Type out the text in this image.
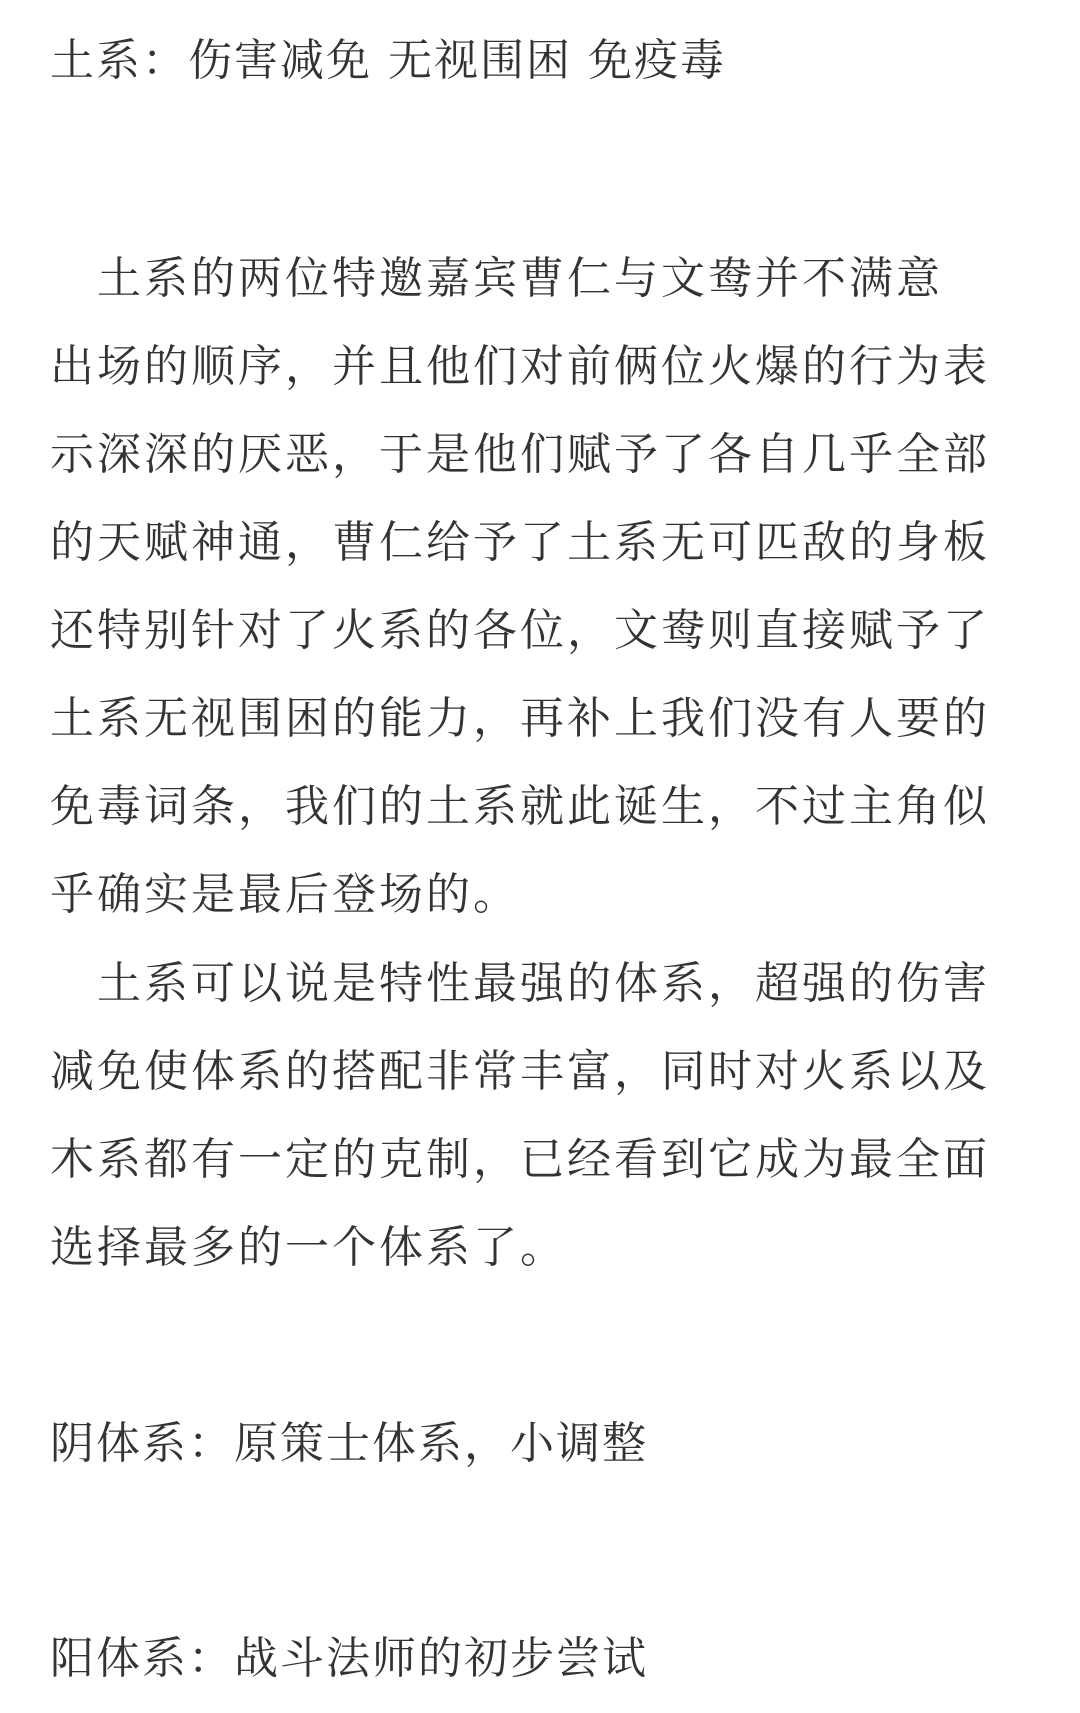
土系：伤害减免 无视围困 免疫毒

　土系的两位特邀嘉宾曹仁与文鸯并不满意
出场的顺序，并且他们对前俩位火爆的行为表
示深深的厌恶，于是他们赋予了各自几乎全部
的天赋神通，曹仁给予了土系无可匹敌的身板
还特别针对了火系的各位，文鸯则直接赋予了
土系无视围困的能力，再补上我们没有人要的
免毒词条，我们的土系就此诞生，不过主角似
乎确实是最后登场的。
　土系可以说是特性最强的体系，超强的伤害
减免使体系的搭配非常丰富，同时对火系以及
木系都有一定的克制，已经看到它成为最全面
选择最多的一个体系了。

阴体系：原策士体系，小调整

阳体系：战斗法师的初步尝试
